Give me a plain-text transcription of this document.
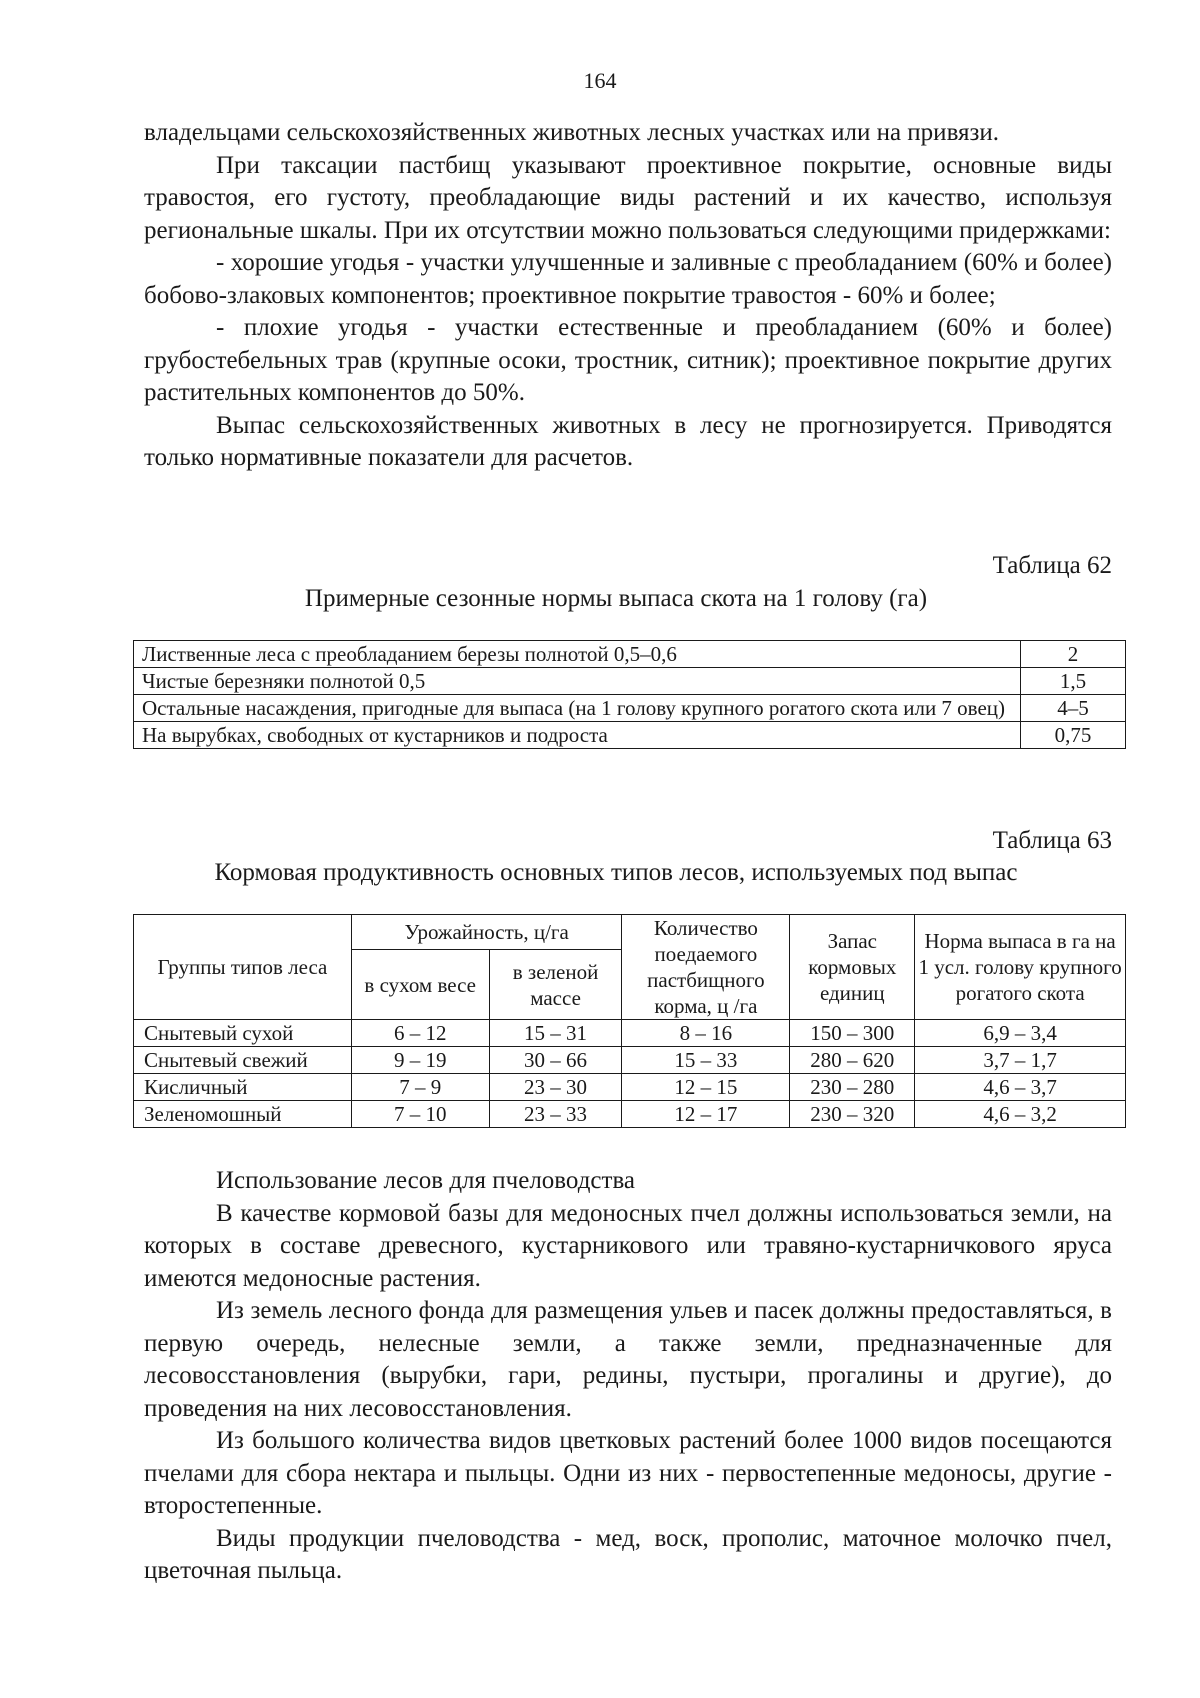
164

владельцами сельскохозяйственных животных лесных участках или на привязи.

При таксации пастбищ указывают проективное покрытие, основные виды травостоя, его густоту, преобладающие виды растений и их качество, используя региональные шкалы. При их отсутствии можно пользоваться следующими придержками:

- хорошие угодья - участки улучшенные и заливные с преобладанием (60% и более) бобово-злаковых компонентов; проективное покрытие травостоя - 60% и более;

- плохие угодья - участки естественные и преобладанием (60% и более) грубостебельных трав (крупные осоки, тростник, ситник); проективное покрытие других растительных компонентов до 50%.

Выпас сельскохозяйственных животных в лесу не прогнозируется. Приводятся только нормативные показатели для расчетов.

Таблица 62
Примерные сезонные нормы выпаса скота на 1 голову (га)
Лиственные леса с преобладанием березы полнотой 0,5–0,6	2
Чистые березняки полнотой 0,5	1,5
Остальные насаждения, пригодные для выпаса (на 1 голову крупного рогатого скота или 7 овец)	4–5
На вырубках, свободных от кустарников и подроста	0,75
Таблица 63
Кормовая продуктивность основных типов лесов, используемых под выпас
Группы типов леса	Урожайность, ц/га		Количество поедаемого пастбищного корма, ц /га	Запас кормовых единиц	Норма выпаса в га на 1 усл. голову крупного рогатого скота
	в сухом весе	в зеленой массе			
Снытевый сухой	6 – 12	15 – 31	8 – 16	150 – 300	6,9 – 3,4
Снытевый свежий	9 – 19	30 – 66	15 – 33	280 – 620	3,7 – 1,7
Кисличный	7 – 9	23 – 30	12 – 15	230 – 280	4,6 – 3,7
Зеленомошный	7 – 10	23 – 33	12 – 17	230 – 320	4,6 – 3,2

Использование лесов для пчеловодства

В качестве кормовой базы для медоносных пчел должны использоваться земли, на которых в составе древесного, кустарникового или травяно-кустарничкового яруса имеются медоносные растения.

Из земель лесного фонда для размещения ульев и пасек должны предоставляться, в первую очередь, нелесные земли, а также земли, предназначенные для лесовосстановления (вырубки, гари, редины, пустыри, прогалины и другие), до проведения на них лесовосстановления.

Из большого количества видов цветковых растений более 1000 видов посещаются пчелами для сбора нектара и пыльцы. Одни из них - первостепенные медоносы, другие - второстепенные.

Виды продукции пчеловодства - мед, воск, прополис, маточное молочко пчел, цветочная пыльца.
